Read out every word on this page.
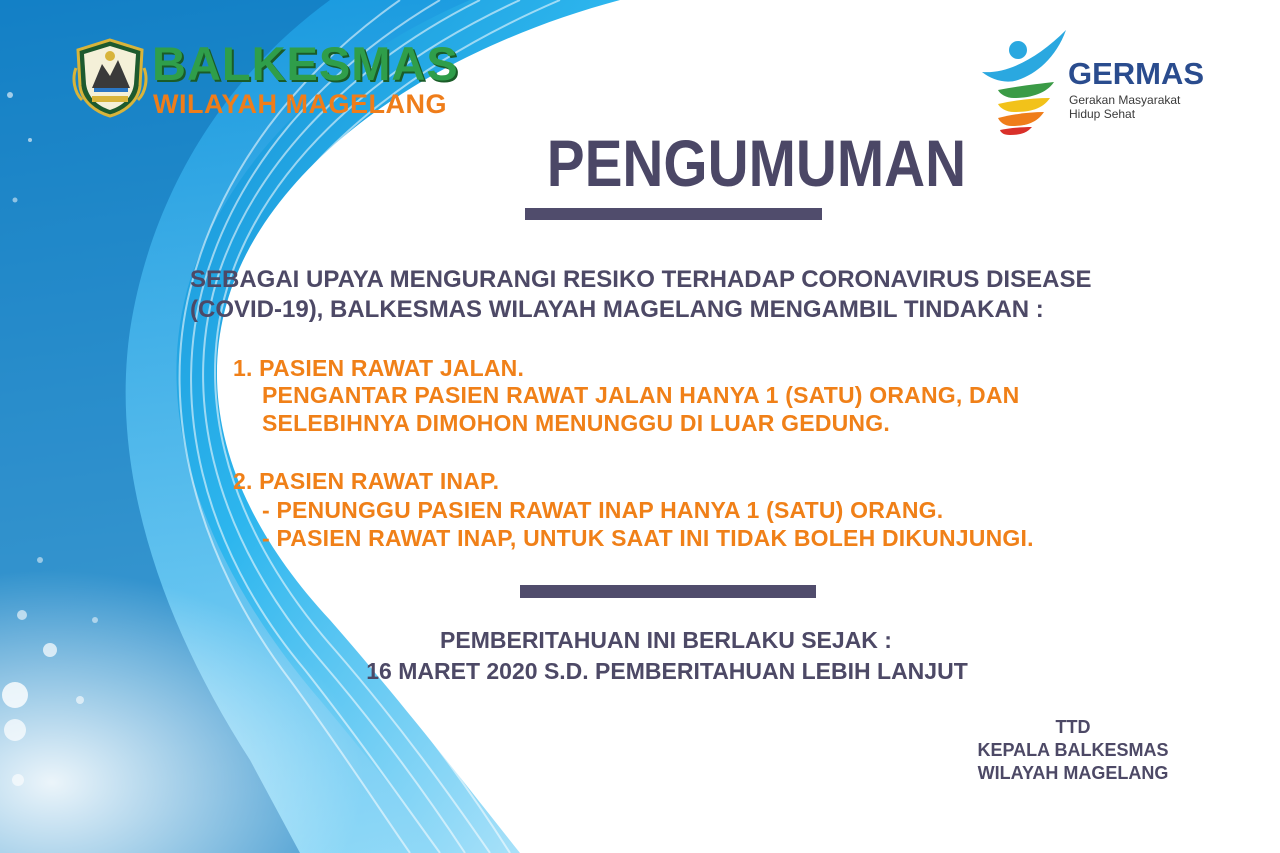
BALKESMAS
WILAYAH MAGELANG
GERMAS
Gerakan Masyarakat
Hidup Sehat
PENGUMUMAN
SEBAGAI UPAYA MENGURANGI RESIKO TERHADAP CORONAVIRUS DISEASE
(COVID-19), BALKESMAS WILAYAH MAGELANG MENGAMBIL TINDAKAN :
1. PASIEN RAWAT JALAN.
PENGANTAR PASIEN RAWAT JALAN HANYA 1 (SATU) ORANG, DAN
SELEBIHNYA DIMOHON MENUNGGU DI LUAR GEDUNG.
2. PASIEN RAWAT INAP.
- PENUNGGU PASIEN RAWAT INAP HANYA 1 (SATU) ORANG.
- PASIEN RAWAT INAP, UNTUK SAAT INI TIDAK BOLEH DIKUNJUNGI.
PEMBERITAHUAN INI BERLAKU SEJAK :
16 MARET 2020 S.D. PEMBERITAHUAN LEBIH LANJUT
TTD
KEPALA BALKESMAS
WILAYAH MAGELANG
